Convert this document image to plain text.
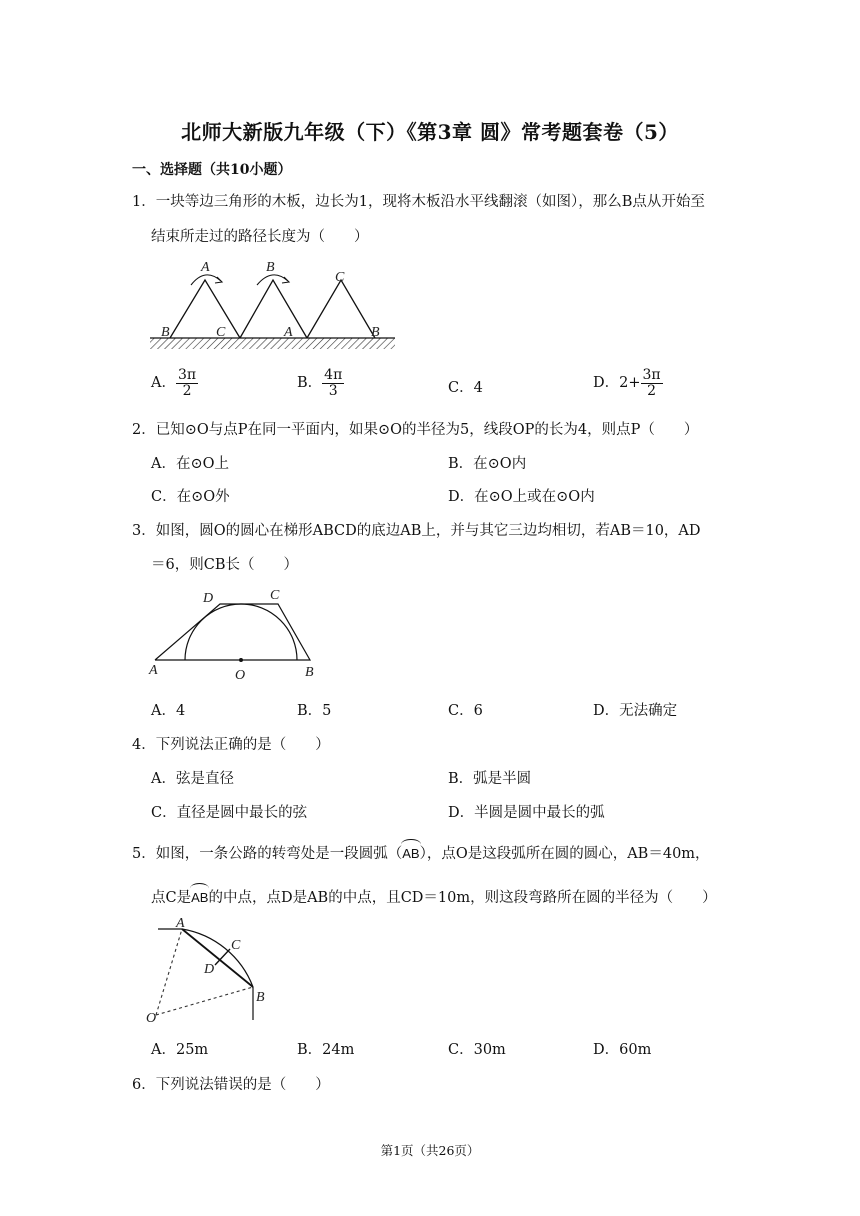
北师大新版九年级（下）《第3章 圆》常考题套卷（5）
一、选择题（共10小题）
1．一块等边三角形的木板，边长为1，现将木板沿水平线翻滚（如图），那么B点从开始至
结束所走过的路径长度为（　　）
A	B
C
B	C	A	B
A． $\frac{3\pi}{2}$	B． $\frac{4\pi}{3}$	C．4	D．$2+ \frac{3\pi}{2}$
2．已知⊙O与点P在同一平面内，如果⊙O的半径为5，线段OP的长为4，则点P（　　）
A．在⊙O上	B．在⊙O内
C．在⊙O外	D．在⊙O上或在⊙O内
3．如图，圆O的圆心在梯形ABCD的底边AB上，并与其它三边均相切，若AB＝10，AD
＝6，则CB长（　　）
D	C
A	O	B
A．4	B．5	C．6	D．无法确定
4．下列说法正确的是（　　）
A．弦是直径	B．弧是半圆
C．直径是圆中最长的弦	D．半圆是圆中最长的弧
5．如图，一条公路的转弯处是一段圆弧（AB），点O是这段弧所在圆的圆心，AB＝40m，
点C是AB的中点，点D是AB的中点，且CD＝10m，则这段弯路所在圆的半径为（　　）
A
C
D
B
O
A．25m	B．24m	C．30m	D．60m
6．下列说法错误的是（　　）
第1页（共26页）
